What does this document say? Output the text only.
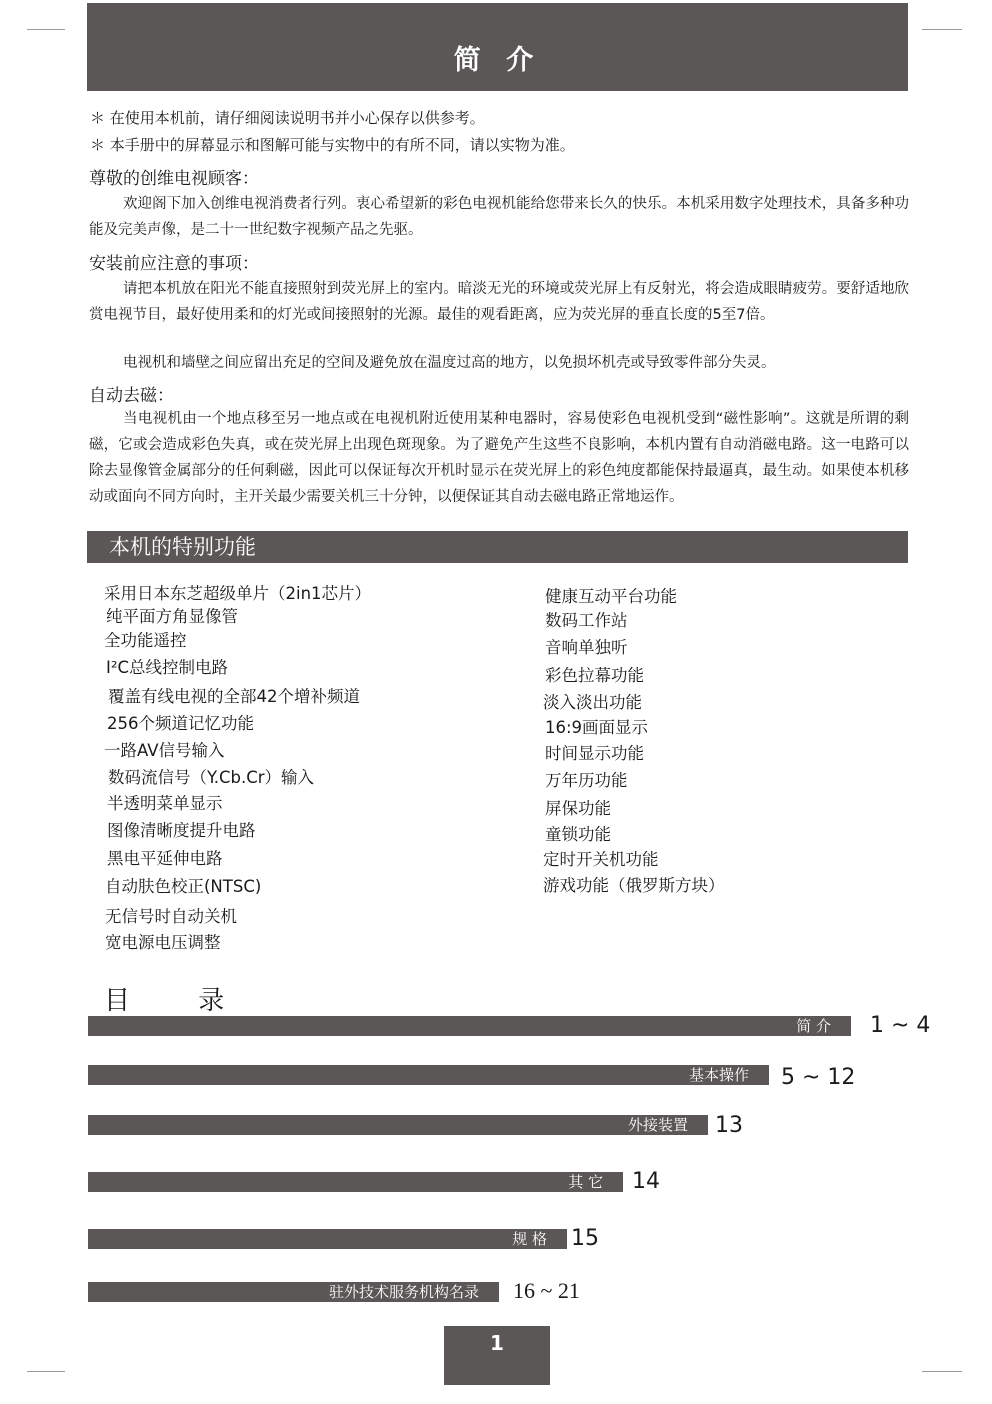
简 介
＊ 在使用本机前，请仔细阅读说明书并小心保存以供参考。
＊ 本手册中的屏幕显示和图解可能与实物中的有所不同，请以实物为准。
尊敬的创维电视顾客：

欢迎阁下加入创维电视消费者行列。衷心希望新的彩色电视机能给您带来长久的快乐。本机采用数字处理技术，具备多种功能及完美声像，是二十一世纪数字视频产品之先驱。

安装前应注意的事项：

请把本机放在阳光不能直接照射到荧光屏上的室内。暗淡无光的环境或荧光屏上有反射光，将会造成眼睛疲劳。要舒适地欣赏电视节目，最好使用柔和的灯光或间接照射的光源。最佳的观看距离，应为荧光屏的垂直长度的5至7倍。

电视机和墙壁之间应留出充足的空间及避免放在温度过高的地方，以免损坏机壳或导致零件部分失灵。

自动去磁：

当电视机由一个地点移至另一地点或在电视机附近使用某种电器时，容易使彩色电视机受到“磁性影响”。这就是所谓的剩磁，它或会造成彩色失真，或在荧光屏上出现色斑现象。为了避免产生这些不良影响，本机内置有自动消磁电路。这一电路可以除去显像管金属部分的任何剩磁，因此可以保证每次开机时显示在荧光屏上的彩色纯度都能保持最逼真，最生动。如果使本机移动或面向不同方向时，主开关最少需要关机三十分钟，以便保证其自动去磁电路正常地运作。

本机的特别功能
采用日本东芝超级单片（2in1芯片）
纯平面方角显像管
全功能遥控
I²C总线控制电路
覆盖有线电视的全部42个增补频道
256个频道记忆功能
一路AV信号输入
数码流信号（Y.Cb.Cr）输入
半透明菜单显示
图像清晰度提升电路
黑电平延伸电路
自动肤色校正(NTSC)
无信号时自动关机
宽电源电压调整
健康互动平台功能
数码工作站
音响单独听
彩色拉幕功能
淡入淡出功能
16:9画面显示
时间显示功能
万年历功能
屏保功能
童锁功能
定时开关机功能
游戏功能（俄罗斯方块）
目 录
简 介	1 ~ 4
基本操作	5 ~ 12
外接装置	13
其 它	14
规 格	15
驻外技术服务机构名录	16 ~ 21
1
